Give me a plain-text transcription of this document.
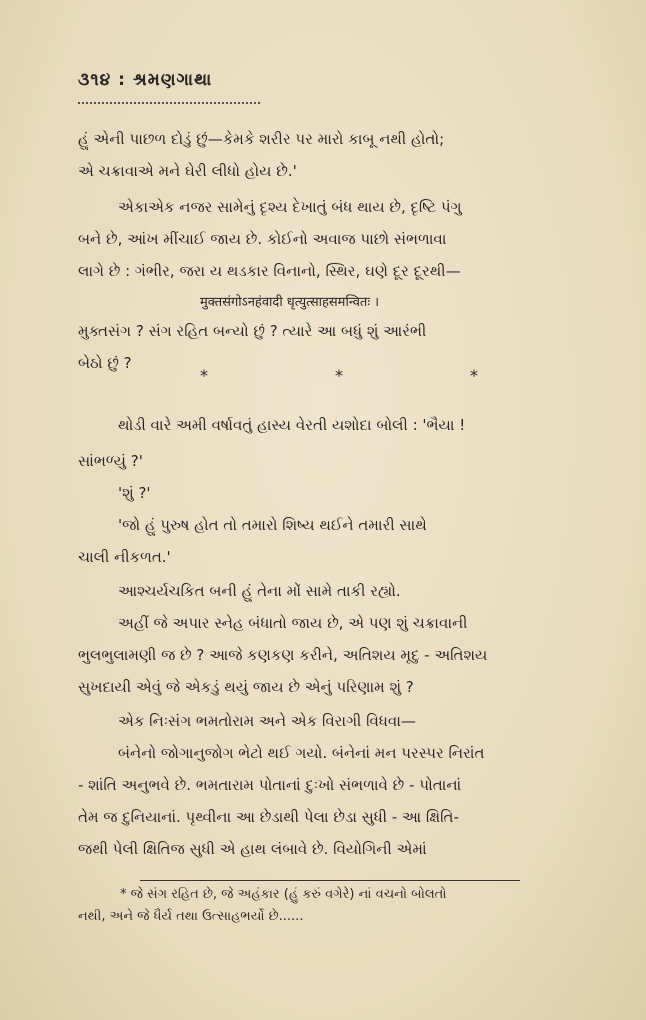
૩૧૪ : શ્રમણગાથા
હું એની પાછળ દોડું છું—કેમકે શરીર પર મારો કાબૂ નથી હોતો;
એ ચક્રાવાએ મને ઘેરી લીધો હોય છે.'
એકાએક નજર સામેનું દૃશ્ય દેખાતું બંધ થાય છે, દૃષ્ટિ પંગુ
બને છે, આંખ મીંચાઈ જાય છે. કોઈનો અવાજ પાછો સંભળાવા
લાગે છે : ગંભીર, જરા ય થડકાર વિનાનો, સ્થિર, ઘણે દૂર દૂરથી—
मुक्तसंगोऽनहंवादी धृत्युत्साहसमन्वितः ।
મુક્તસંગ ? સંગ રહિત બન્યો છું ? ત્યારે આ બધું શું આરંભી
બેઠો છું ?
*	*	*
થોડી વારે અમી વર્ષાવતું હાસ્ય વેરતી યશોદા બોલી : 'ભૈયા !
સાંભળ્યું ?'
'શું ?'
'જો હું પુરુષ હોત તો તમારો શિષ્ય થઈને તમારી સાથે
ચાલી નીકળત.'
આશ્ચર્યચકિત બની હું તેના મોં સામે તાકી રહ્યો.
અહીં જે અપાર સ્નેહ બંધાતો જાય છે, એ પણ શું ચક્રાવાની
ભુલભુલામણી જ છે ? આજે કણકણ કરીને, અતિશય મૃદુ - અતિશય
સુખદાયી એવું જે એકડું થયું જાય છે એનું પરિણામ શું ?
એક નિઃસંગ ભમતોરામ અને એક વિરાગી વિધવા—
બંનેનો જોગાનુજોગ ભેટો થઈ ગયો. બંનેનાં મન પરસ્પર નિરાંત
- શાંતિ અનુભવે છે. ભમતારામ પોતાનાં દુઃખો સંભળાવે છે - પોતાનાં
તેમ જ દુનિયાનાં. પૃથ્વીના આ છેડાથી પેલા છેડા સુધી - આ ક્ષિતિ-
જથી પેલી ક્ષિતિજ સુધી એ હાથ લંબાવે છે. વિયોગિની એમાં
* જે સંગ રહિત છે, જે અહંકાર (હું કરું વગેરે) નાં વચનો બોલતો
નથી, અને જે ધૈર્ય તથા ઉત્સાહભર્યો છે......
